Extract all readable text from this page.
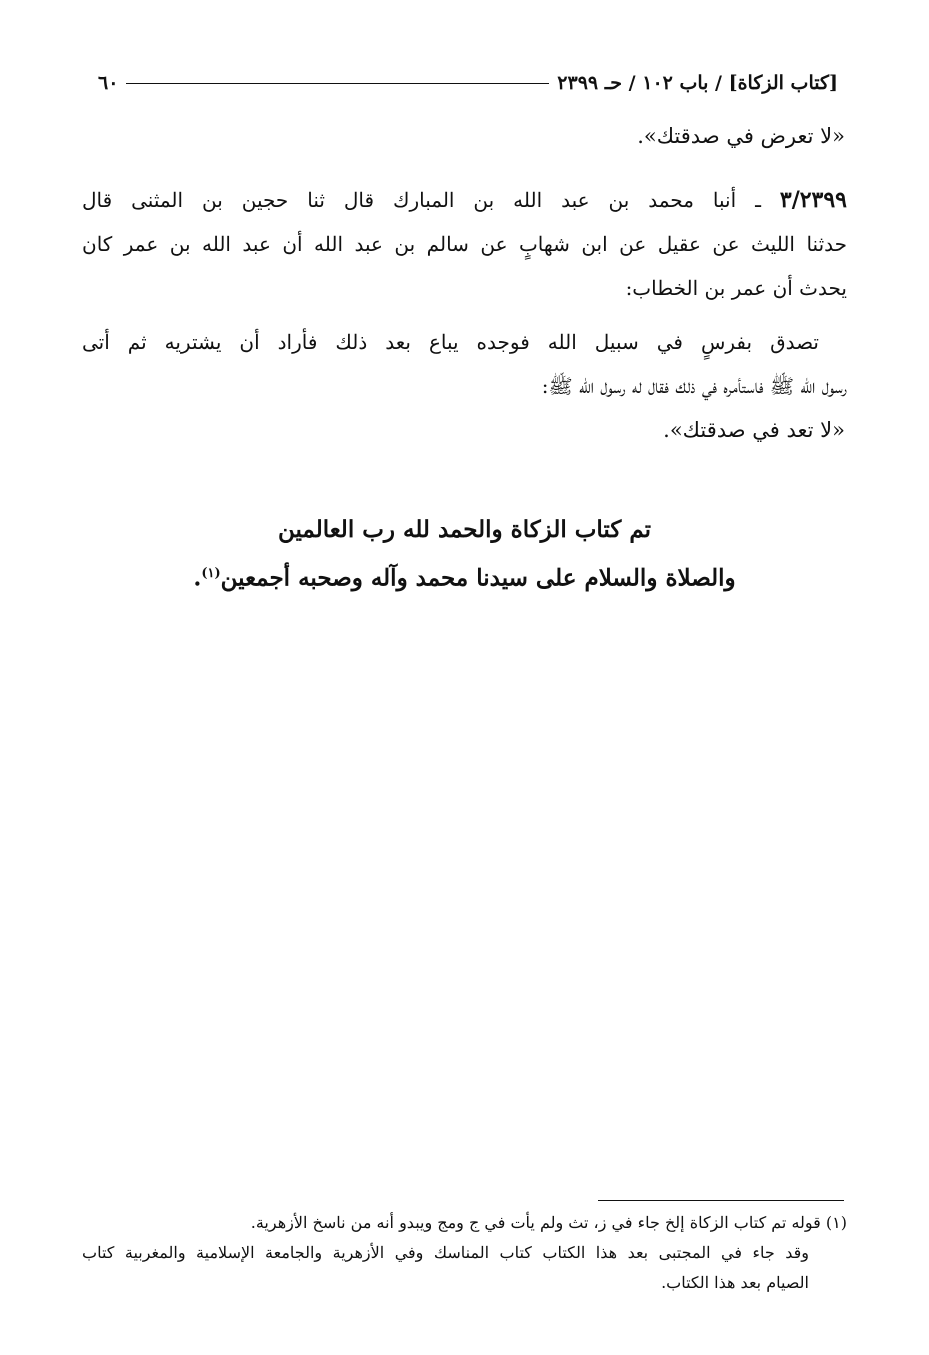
٦٠	[كتاب الزكاة] / باب ١٠٢ / حـ ٢٣٩٩
«لا تعرض في صدقتك».
٣/٢٣٩٩ ـ أنبا محمد بن عبد الله بن المبارك قال ثنا حجين بن المثنى قال
حدثنا الليث عن عقيل عن ابن شهابٍ عن سالم بن عبد الله أن عبد الله بن عمر كان
يحدث أن عمر بن الخطاب:
تصدق بفرسٍ في سبيل الله فوجده يباع بعد ذلك فأراد أن يشتريه ثم أتى
رسول الله ﷺ فاستأمره في ذلك فقال له رسول الله ﷺ:
«لا تعد في صدقتك».
تم كتاب الزكاة والحمد لله رب العالمين
والصلاة والسلام على سيدنا محمد وآله وصحبه أجمعين$^{(١)}$.
(١) قوله تم كتاب الزكاة إلخ جاء في ز، تث ولم يأت في ج ومج ويبدو أنه من ناسخ الأزهرية.
وقد جاء في المجتبى بعد هذا الكتاب كتاب المناسك وفي الأزهرية والجامعة الإسلامية والمغربية كتاب
الصيام بعد هذا الكتاب.
